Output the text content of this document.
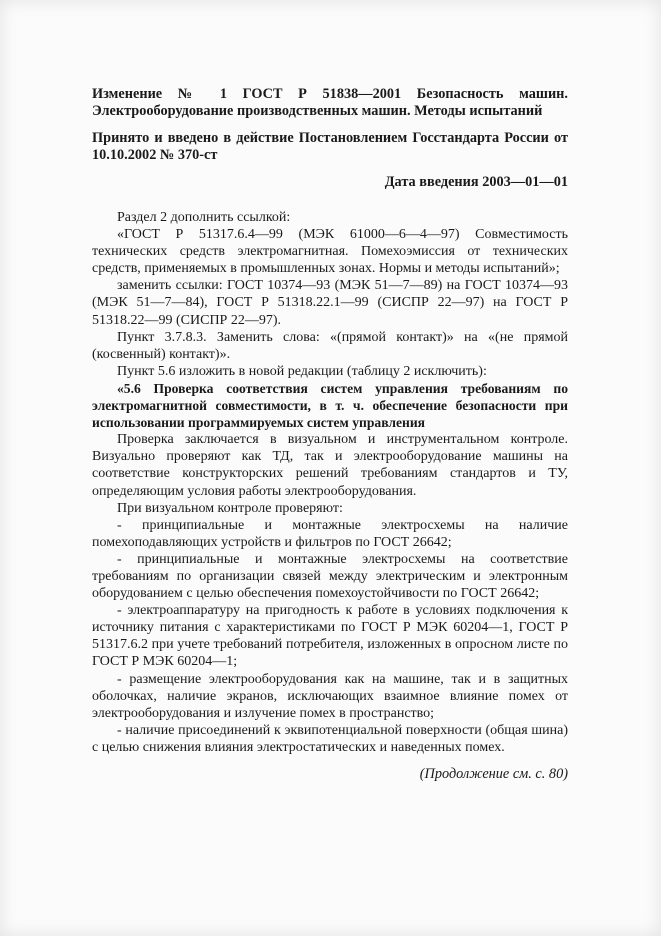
Изменение № 1 ГОСТ Р 51838—2001 Безопасность машин. Электрооборудование производственных машин. Методы испытаний
Принято и введено в действие Постановлением Госстандарта России от 10.10.2002 № 370-ст
Дата введения 2003—01—01

Раздел 2 дополнить ссылкой:

«ГОСТ Р 51317.6.4—99 (МЭК 61000—6—4—97) Совместимость технических средств электромагнитная. Помехоэмиссия от технических средств, применяемых в промышленных зонах. Нормы и методы испытаний»;

заменить ссылки: ГОСТ 10374—93 (МЭК 51—7—89) на ГОСТ 10374—93 (МЭК 51—7—84), ГОСТ Р 51318.22.1—99 (СИСПР 22—97) на ГОСТ Р 51318.22—99 (СИСПР 22—97).

Пункт 3.7.8.3. Заменить слова: «(прямой контакт)» на «(не прямой (косвенный) контакт)».

Пункт 5.6 изложить в новой редакции (таблицу 2 исключить):

«5.6 Проверка соответствия систем управления требованиям по электромагнитной совместимости, в т. ч. обеспечение безопасности при использовании программируемых систем управления

Проверка заключается в визуальном и инструментальном контроле. Визуально проверяют как ТД, так и электрооборудование машины на соответствие конструкторских решений требованиям стандартов и ТУ, определяющим условия работы электрооборудования.

При визуальном контроле проверяют:

- принципиальные и монтажные электросхемы на наличие помехоподавляющих устройств и фильтров по ГОСТ 26642;

- принципиальные и монтажные электросхемы на соответствие требованиям по организации связей между электрическим и электронным оборудованием с целью обеспечения помехоустойчивости по ГОСТ 26642;

- электроаппаратуру на пригодность к работе в условиях подключения к источнику питания с характеристиками по ГОСТ Р МЭК 60204—1, ГОСТ Р 51317.6.2 при учете требований потребителя, изложенных в опросном листе по ГОСТ Р МЭК 60204—1;

- размещение электрооборудования как на машине, так и в защитных оболочках, наличие экранов, исключающих взаимное влияние помех от электрооборудования и излучение помех в пространство;

- наличие присоединений к эквипотенциальной поверхности (общая шина) с целью снижения влияния электростатических и наведенных помех.

(Продолжение см. с. 80)
